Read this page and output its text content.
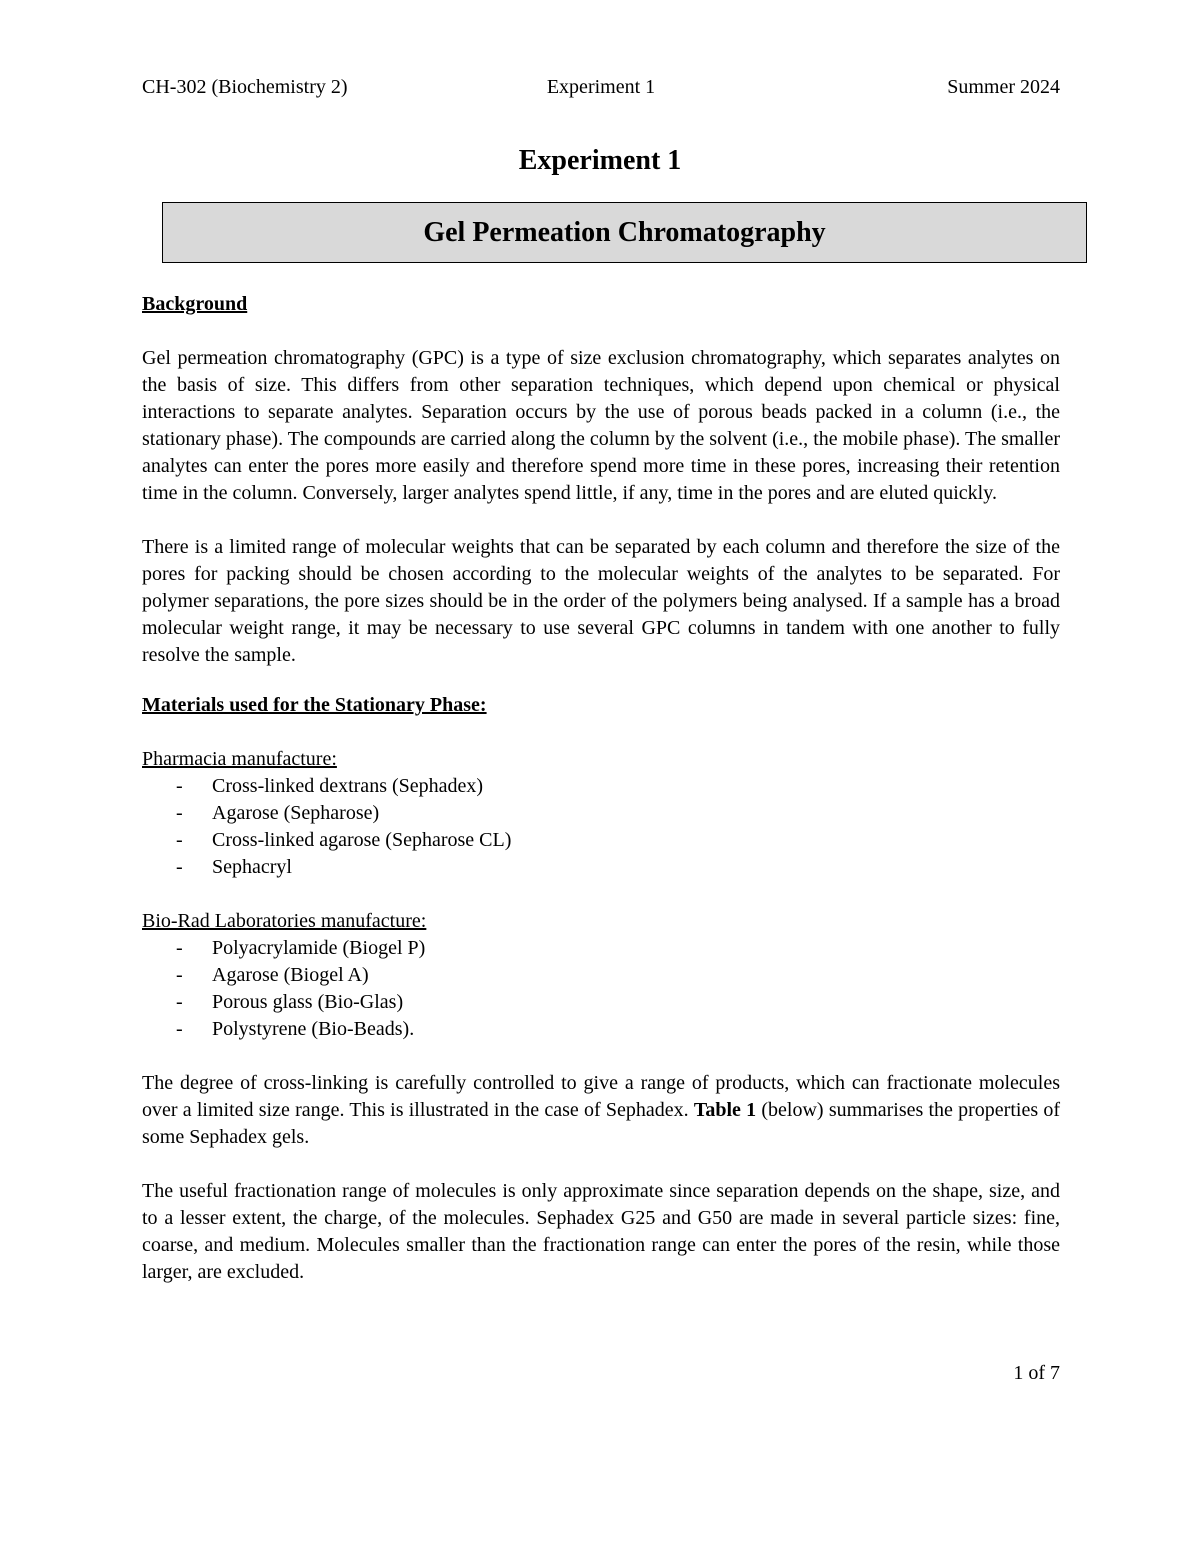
CH-302 (Biochemistry 2)	Experiment 1	Summer 2024
Experiment 1
Gel Permeation Chromatography

Background

Gel permeation chromatography (GPC) is a type of size exclusion chromatography, which separates analytes on the basis of size. This differs from other separation techniques, which depend upon chemical or physical interactions to separate analytes. Separation occurs by the use of porous beads packed in a column (i.e., the stationary phase). The compounds are carried along the column by the solvent (i.e., the mobile phase). The smaller analytes can enter the pores more easily and therefore spend more time in these pores, increasing their retention time in the column. Conversely, larger analytes spend little, if any, time in the pores and are eluted quickly.

There is a limited range of molecular weights that can be separated by each column and therefore the size of the pores for packing should be chosen according to the molecular weights of the analytes to be separated. For polymer separations, the pore sizes should be in the order of the polymers being analysed. If a sample has a broad molecular weight range, it may be necessary to use several GPC columns in tandem with one another to fully resolve the sample.

Materials used for the Stationary Phase:

Pharmacia manufacture:

- Cross-linked dextrans (Sephadex)
- Agarose (Sepharose)
- Cross-linked agarose (Sepharose CL)
- Sephacryl

Bio-Rad Laboratories manufacture:

- Polyacrylamide (Biogel P)
- Agarose (Biogel A)
- Porous glass (Bio-Glas)
- Polystyrene (Bio-Beads).

The degree of cross-linking is carefully controlled to give a range of products, which can fractionate molecules over a limited size range. This is illustrated in the case of Sephadex. Table 1 (below) summarises the properties of some Sephadex gels.

The useful fractionation range of molecules is only approximate since separation depends on the shape, size, and to a lesser extent, the charge, of the molecules. Sephadex G25 and G50 are made in several particle sizes: fine, coarse, and medium. Molecules smaller than the fractionation range can enter the pores of the resin, while those larger, are excluded.

1 of 7
